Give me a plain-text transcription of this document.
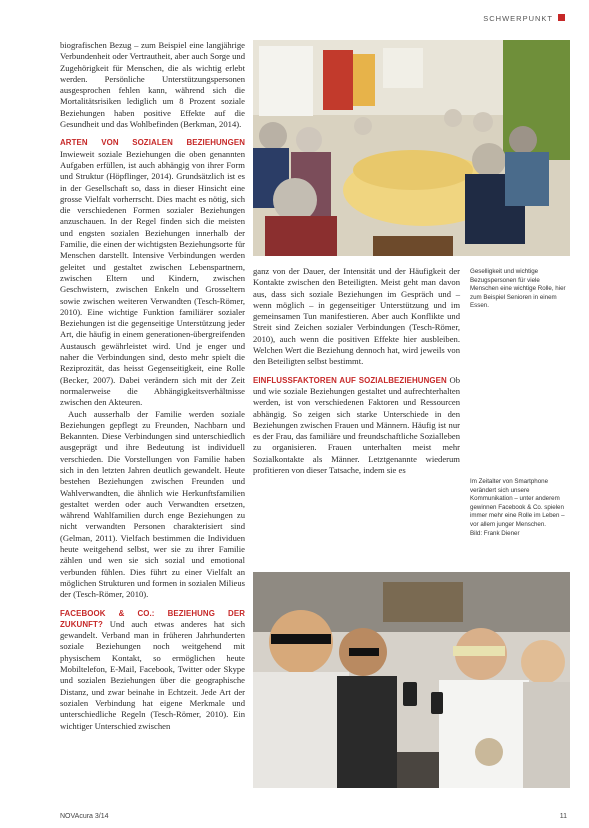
SCHWERPUNKT

biografischen Bezug – zum Beispiel eine langjährige Verbundenheit oder Vertrautheit, aber auch Sorge und Zugehörigkeit für Menschen, die als wichtig erlebt werden. Persönliche Unterstützungspersonen ausgesprochen fehlen kann, während sich die Mortalitätsrisiken lediglich um 8 Prozent soziale Beziehungen haben positive Effekte auf die Gesundheit und das Wohlbefinden (Berkman, 2014).

ARTEN VON SOZIALEN BEZIEHUNGEN Inwieweit soziale Beziehungen die oben genannten Aufgaben erfüllen, ist auch abhängig von ihrer Form und Struktur (Höpflinger, 2014). Grundsätzlich ist es in der Gesellschaft so, dass in dieser Hinsicht eine grosse Vielfalt vorherrscht. Dies macht es nötig, sich die verschiedenen Formen sozialer Beziehungen anzuschauen. In der Regel finden sich die meisten und engsten sozialen Beziehungen innerhalb der Familie, die einen der wichtigsten Beziehungsorte für Menschen darstellt. Intensive Verbindungen werden geleitet und gestaltet zwischen Lebenspartnern, zwischen Eltern und Kindern, zwischen Geschwistern, zwischen Enkeln und Grosseltern sowie zwischen weiteren Verwandten (Tesch-Römer, 2010). Eine wichtige Funktion familiärer sozialer Beziehungen ist die gegenseitige Unterstützung jeder Art, die häufig in einem generationen-übergreifenden Austausch gewährleistet wird. Und je enger und naher die Verbindungen sind, desto mehr spielt die Reziprozität, das heisst Gegenseitigkeit, eine Rolle (Becker, 2007). Dabei verändern sich mit der Zeit normalerweise die Abhängigkeitsverhältnisse zwischen den Akteuren.

Auch ausserhalb der Familie werden soziale Beziehungen gepflegt zu Freunden, Nachbarn und Bekannten. Diese Verbindungen sind unterschiedlich ausgeprägt und ihre Bedeutung ist individuell verschieden. Die Vorstellungen von Familie haben sich in den letzten Jahren deutlich gewandelt. Heute bestehen Beziehungen zwischen Freunden und Wahlverwandten, die ähnlich wie Herkunftsfamilien gestaltet werden oder auch Verwandten ersetzen, während Wahlfamilien durch enge Beziehungen zu nicht verwandten Personen charakterisiert sind (Gelman, 2011). Vielfach bestimmen die Individuen heute weitgehend selbst, wer sie zu ihrer Familie zählen und wen sie sich sozial und emotional verbunden fühlen. Dies führt zu einer Vielfalt an möglichen Strukturen und formen in sozialen Milieus der (Tesch-Römer, 2010).

FACEBOOK & CO.: BEZIEHUNG DER ZUKUNFT? Und auch etwas anderes hat sich gewandelt. Verband man in früheren Jahrhunderten soziale Beziehungen noch weitgehend mit physischem Kontakt, so ermöglichen heute Mobiltelefon, E-Mail, Facebook, Twitter oder Skype und sozialen Beziehungen über die geographische Distanz, und zwar beinahe in Echtzeit. Jede Art der sozialen Verbindung hat eigene Merkmale und unterschiedliche Regeln (Tesch-Römer, 2010). Ein wichtiger Unterschied zwischen

ganz von der Dauer, der Intensität und der Häufigkeit der Kontakte zwischen den Beteiligten. Meist geht man davon aus, dass sich soziale Beziehungen im Gespräch und – wenn möglich – in gegenseitiger Unterstützung und im gemeinsamen Tun manifestieren. Aber auch Konflikte und Streit sind Zeichen sozialer Verbindungen (Tesch-Römer, 2010), auch wenn die positiven Effekte hier ausbleiben. Welchen Wert die Beziehung dennoch hat, wird jeweils von den Beteiligten selbst bestimmt.

EINFLUSSFAKTOREN AUF SOZIALBEZIEHUNGEN Ob und wie soziale Beziehungen gestaltet und aufrechterhalten werden, ist von verschiedenen Faktoren und Ressourcen abhängig. So zeigen sich starke Unterschiede in den Beziehungen zwischen Frauen und Männern. Häufig ist nur es der Frau, das familiäre und freundschaftliche Sozialleben zu organisieren. Frauen unterhalten meist mehr Sozialkontakte als Männer. Letztgenannte wiederum profitieren von dieser Tatsache, indem sie es

Geselligkeit und wichtige Bezugspersonen für viele Menschen eine wichtige Rolle, hier zum Beispiel Senioren in einem Essen.
Im Zeitalter von Smartphone verändert sich unsere Kommunikation – unter anderem gewinnen Facebook & Co. spielen immer mehr eine Rolle im Leben – vor allem junger Menschen.
Bild: Frank Diener
NOVAcura 3/14	11
